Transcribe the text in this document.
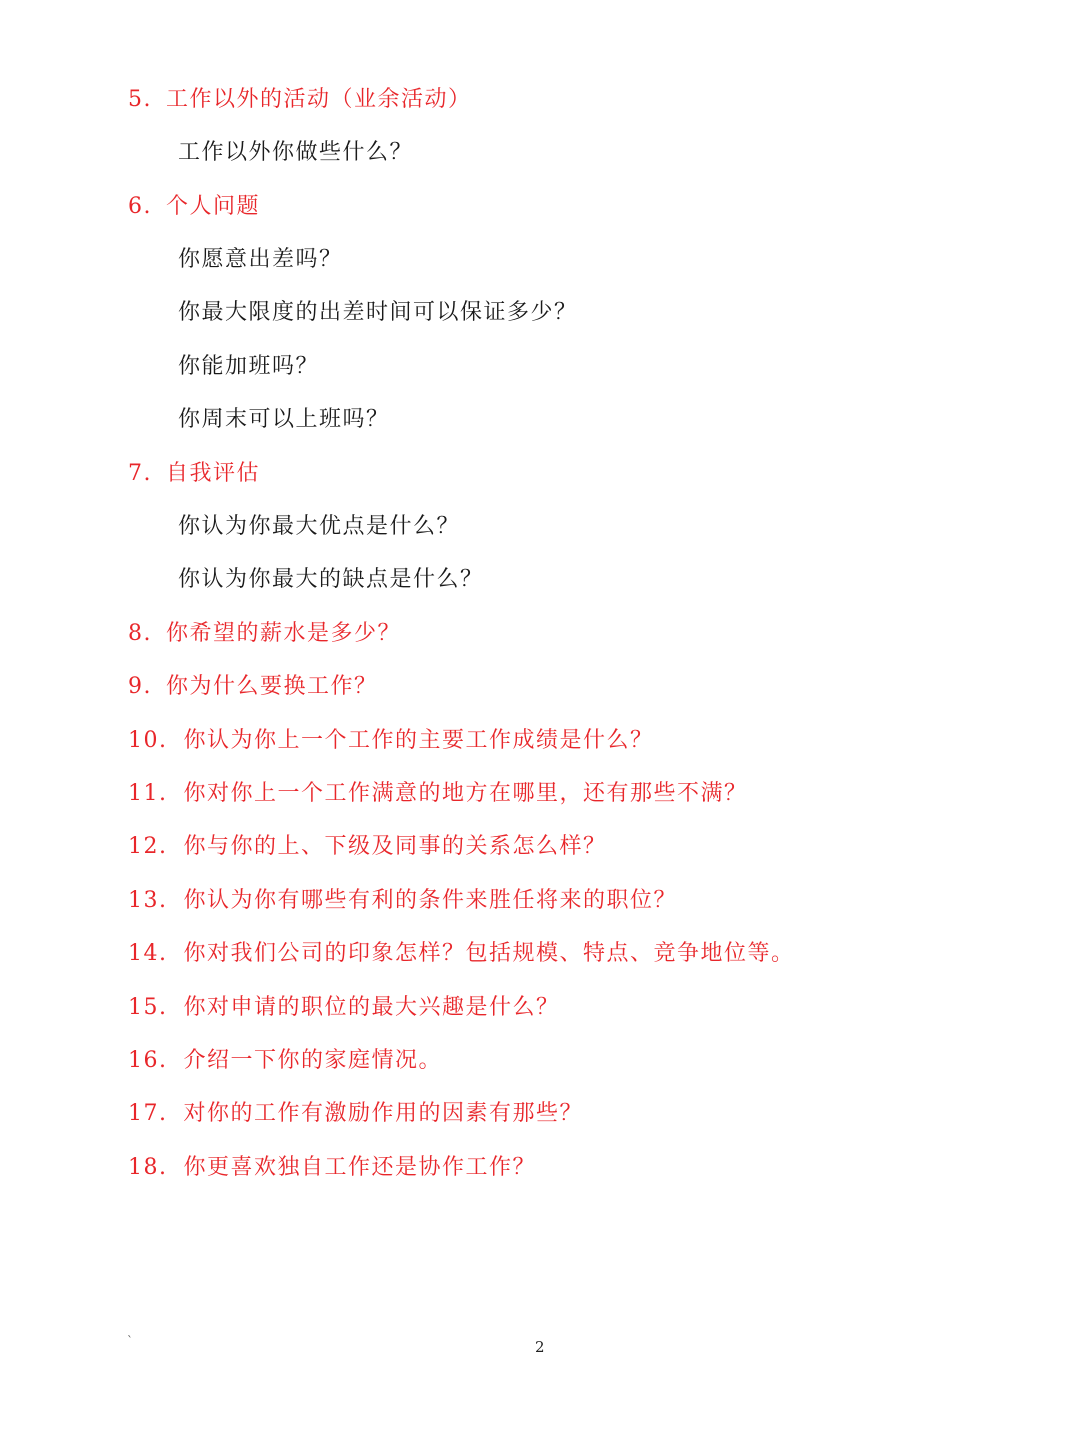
5. 工作以外的活动（业余活动）
工作以外你做些什么？
6. 个人问题
你愿意出差吗？
你最大限度的出差时间可以保证多少？
你能加班吗？
你周末可以上班吗？
7. 自我评估
你认为你最大优点是什么？
你认为你最大的缺点是什么？
8. 你希望的薪水是多少？
9. 你为什么要换工作？
10. 你认为你上一个工作的主要工作成绩是什么？
11. 你对你上一个工作满意的地方在哪里，还有那些不满？
12. 你与你的上、下级及同事的关系怎么样？
13. 你认为你有哪些有利的条件来胜任将来的职位？
14. 你对我们公司的印象怎样？包括规模、特点、竞争地位等。
15. 你对申请的职位的最大兴趣是什么？
16. 介绍一下你的家庭情况。
17. 对你的工作有激励作用的因素有那些？
18. 你更喜欢独自工作还是协作工作？
`	2
